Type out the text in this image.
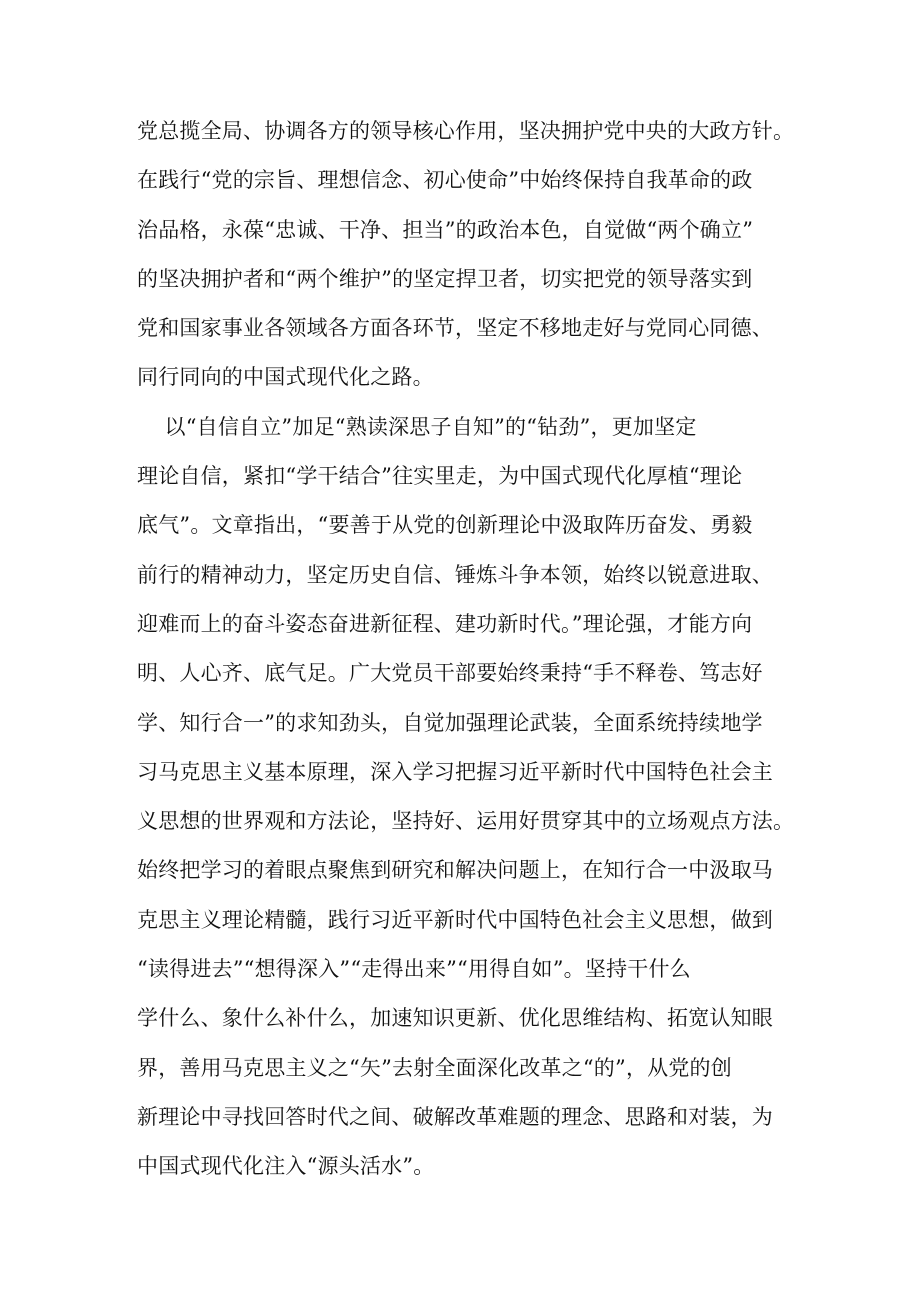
党总揽全局、协调各方的领导核心作用，坚决拥护党中央的大政方针。
在践行“党的宗旨、理想信念、初心使命”中始终保持自我革命的政
治品格，永葆“忠诚、干净、担当”的政治本色，自觉做“两个确立”
的坚决拥护者和“两个维护”的坚定捍卫者，切实把党的领导落实到
党和国家事业各领域各方面各环节，坚定不移地走好与党同心同德、
同行同向的中国式现代化之路。
以“自信自立”加足“熟读深思子自知”的“钻劲”，更加坚定
理论自信，紧扣“学干结合”往实里走，为中国式现代化厚植“理论
底气”。文章指出，“要善于从党的创新理论中汲取阵历奋发、勇毅
前行的精神动力，坚定历史自信、锤炼斗争本领，始终以锐意进取、
迎难而上的奋斗姿态奋进新征程、建功新时代。”理论强，才能方向
明、人心齐、底气足。广大党员干部要始终秉持“手不释卷、笃志好
学、知行合一”的求知劲头，自觉加强理论武装，全面系统持续地学
习马克思主义基本原理，深入学习把握习近平新时代中国特色社会主
义思想的世界观和方法论，坚持好、运用好贯穿其中的立场观点方法。
始终把学习的着眼点聚焦到研究和解决问题上，在知行合一中汲取马
克思主义理论精髓，践行习近平新时代中国特色社会主义思想，做到
“读得进去”“想得深入”“走得出来”“用得自如”。坚持干什么
学什么、象什么补什么，加速知识更新、优化思维结构、拓宽认知眼
界，善用马克思主义之“矢”去射全面深化改革之“的”，从党的创
新理论中寻找回答时代之间、破解改革难题的理念、思路和对装，为
中国式现代化注入“源头活水”。
